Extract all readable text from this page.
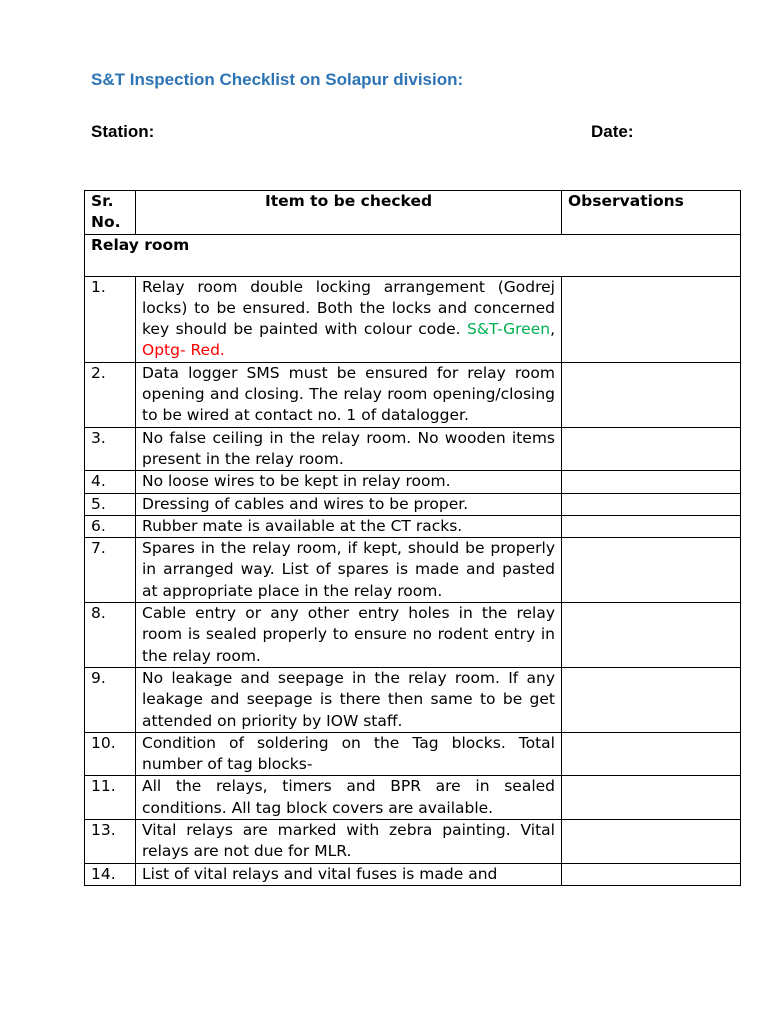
S&T Inspection Checklist on Solapur division:
Station:	Date:
Sr. No.	Item to be checked	Observations
Relay room		
1.	Relay room double locking arrangement (Godrej locks) to be ensured. Both the locks and concerned key should be painted with colour code. S&T-Green, Optg- Red.	
2.	Data logger SMS must be ensured for relay room opening and closing. The relay room opening/closing to be wired at contact no. 1 of datalogger.	
3.	No false ceiling in the relay room. No wooden items present in the relay room.	
4.	No loose wires to be kept in relay room.	
5.	Dressing of cables and wires to be proper.	
6.	Rubber mate is available at the CT racks.	
7.	Spares in the relay room, if kept, should be properly in arranged way. List of spares is made and pasted at appropriate place in the relay room.	
8.	Cable entry or any other entry holes in the relay room is sealed properly to ensure no rodent entry in the relay room.	
9.	No leakage and seepage in the relay room. If any leakage and seepage is there then same to be get attended on priority by IOW staff.	
10.	Condition of soldering on the Tag blocks. Total number of tag blocks-	
11.	All the relays, timers and BPR are in sealed conditions. All tag block covers are available.	
13.	Vital relays are marked with zebra painting. Vital relays are not due for MLR.	
14.	List of vital relays and vital fuses is made and	
